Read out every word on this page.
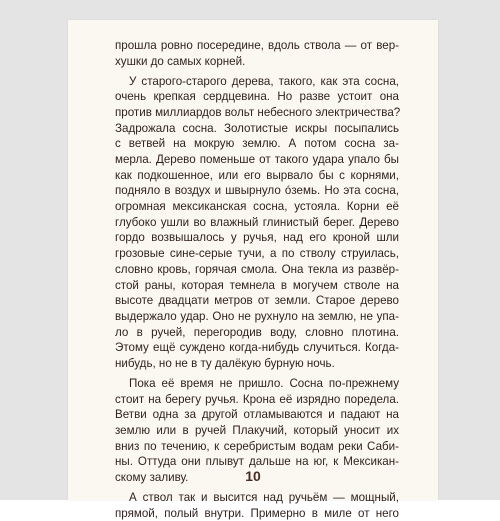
прошла ровно посередине, вдоль ствола — от вер-
хушки до самых корней.
У старого-старого дерева, такого, как эта сосна,
очень крепкая сердцевина. Но разве устоит она
против миллиардов вольт небесного электричества?
Задрожала сосна. Золотистые искры посыпались
с ветвей на мокрую землю. А потом сосна за-
мерла. Дерево поменьше от такого удара упало бы
как подкошенное, или его вырвало бы с корнями,
подняло в воздух и швырнуло óземь. Но эта сосна,
огромная мексиканская сосна, устояла. Корни её
глубоко ушли во влажный глинистый берег. Дерево
гордо возвышалось у ручья, над его кроной шли
грозовые сине-серые тучи, а по стволу струилась,
словно кровь, горячая смола. Она текла из развёр-
стой раны, которая темнела в могучем стволе на
высоте двадцати метров от земли. Старое дерево
выдержало удар. Оно не рухнуло на землю, не упа-
ло в ручей, перегородив воду, словно плотина.
Этому ещё суждено когда-нибудь случиться. Когда-
нибудь, но не в ту далёкую бурную ночь.
Пока её время не пришло. Сосна по-прежнему
стоит на берегу ручья. Крона её изрядно поредела.
Ветви одна за другой отламываются и падают на
землю или в ручей Плакучий, который уносит их
вниз по течению, к серебристым водам реки Саби-
ны. Оттуда они плывут дальше на юг, к Мексикан-
скому заливу.
А ствол так и высится над ручьём — мощный,
прямой, полый внутри. Примерно в миле от него
10
